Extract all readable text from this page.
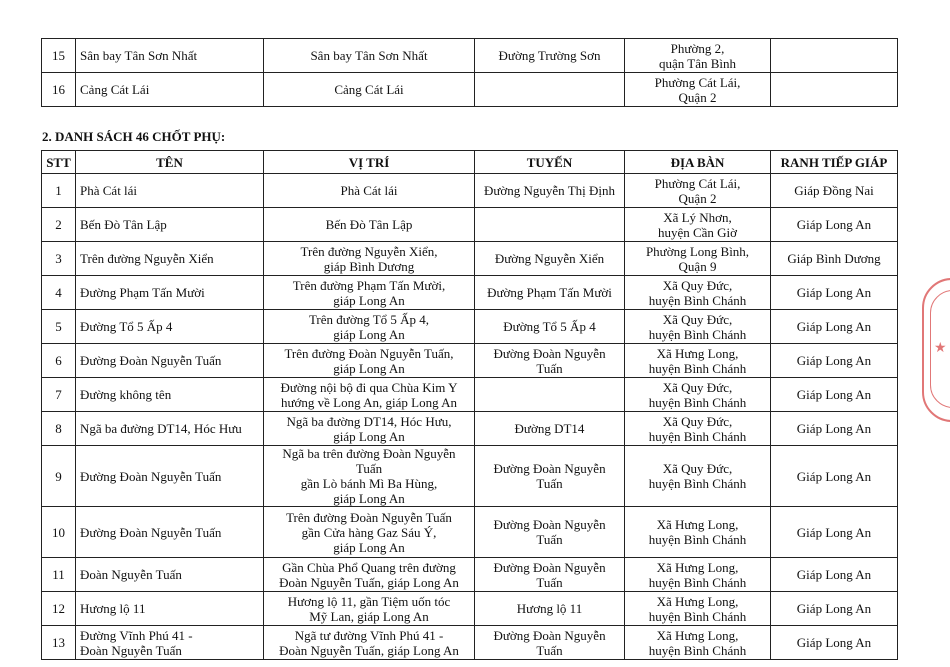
15	Sân bay Tân Sơn Nhất	Sân bay Tân Sơn Nhất	Đường Trường Sơn	Phường 2,
quận Tân Bình	
16	Cảng Cát Lái	Cảng Cát Lái		Phường Cát Lái,
Quận 2	
2. DANH SÁCH 46 CHỐT PHỤ:
STT	TÊN	VỊ TRÍ	TUYẾN	ĐỊA BÀN	RANH TIẾP GIÁP
1	Phà Cát lái	Phà Cát lái	Đường Nguyễn Thị Định	Phường Cát Lái,
Quận 2	Giáp Đồng Nai
2	Bến Đò Tân Lập	Bến Đò Tân Lập		Xã Lý Nhơn,
huyện Cần Giờ	Giáp Long An
3	Trên đường Nguyễn Xiển	Trên đường Nguyễn Xiển,
giáp Bình Dương	Đường Nguyễn Xiển	Phường Long Bình,
Quận 9	Giáp Bình Dương
4	Đường Phạm Tấn Mười	Trên đường Phạm Tấn Mười,
giáp Long An	Đường Phạm Tấn Mười	Xã Quy Đức,
huyện Bình Chánh	Giáp Long An
5	Đường Tổ 5 Ấp 4	Trên đường Tổ 5 Ấp 4,
giáp Long An	Đường Tổ 5 Ấp 4	Xã Quy Đức,
huyện Bình Chánh	Giáp Long An
6	Đường Đoàn Nguyễn Tuấn	Trên đường Đoàn Nguyễn Tuấn,
giáp Long An	Đường Đoàn Nguyễn Tuấn	Xã Hưng Long,
huyện Bình Chánh	Giáp Long An
7	Đường không tên	Đường nội bộ đi qua Chùa Kim Y
hướng về Long An, giáp Long An		Xã Quy Đức,
huyện Bình Chánh	Giáp Long An
8	Ngã ba đường DT14, Hóc Hưu	Ngã ba đường DT14, Hóc Hưu,
giáp Long An	Đường DT14	Xã Quy Đức,
huyện Bình Chánh	Giáp Long An
9	Đường Đoàn Nguyễn Tuấn	Ngã ba trên đường Đoàn Nguyễn Tuấn
gần Lò bánh Mì Ba Hùng,
giáp Long An	Đường Đoàn Nguyễn Tuấn	Xã Quy Đức,
huyện Bình Chánh	Giáp Long An
10	Đường Đoàn Nguyễn Tuấn	Trên đường Đoàn Nguyễn Tuấn
gần Cửa hàng Gaz Sáu Ý,
giáp Long An	Đường Đoàn Nguyễn Tuấn	Xã Hưng Long,
huyện Bình Chánh	Giáp Long An
11	Đoàn Nguyễn Tuấn	Gần Chùa Phổ Quang trên đường
Đoàn Nguyễn Tuấn, giáp Long An	Đường Đoàn Nguyễn Tuấn	Xã Hưng Long,
huyện Bình Chánh	Giáp Long An
12	Hương lộ 11	Hương lộ 11, gần Tiệm uốn tóc
Mỹ Lan, giáp Long An	Hương lộ 11	Xã Hưng Long,
huyện Bình Chánh	Giáp Long An
13	Đường Vĩnh Phú 41 -
Đoàn Nguyễn Tuấn	Ngã tư đường Vĩnh Phú 41 -
Đoàn Nguyễn Tuấn, giáp Long An	Đường Đoàn Nguyễn Tuấn	Xã Hưng Long,
huyện Bình Chánh	Giáp Long An
★
